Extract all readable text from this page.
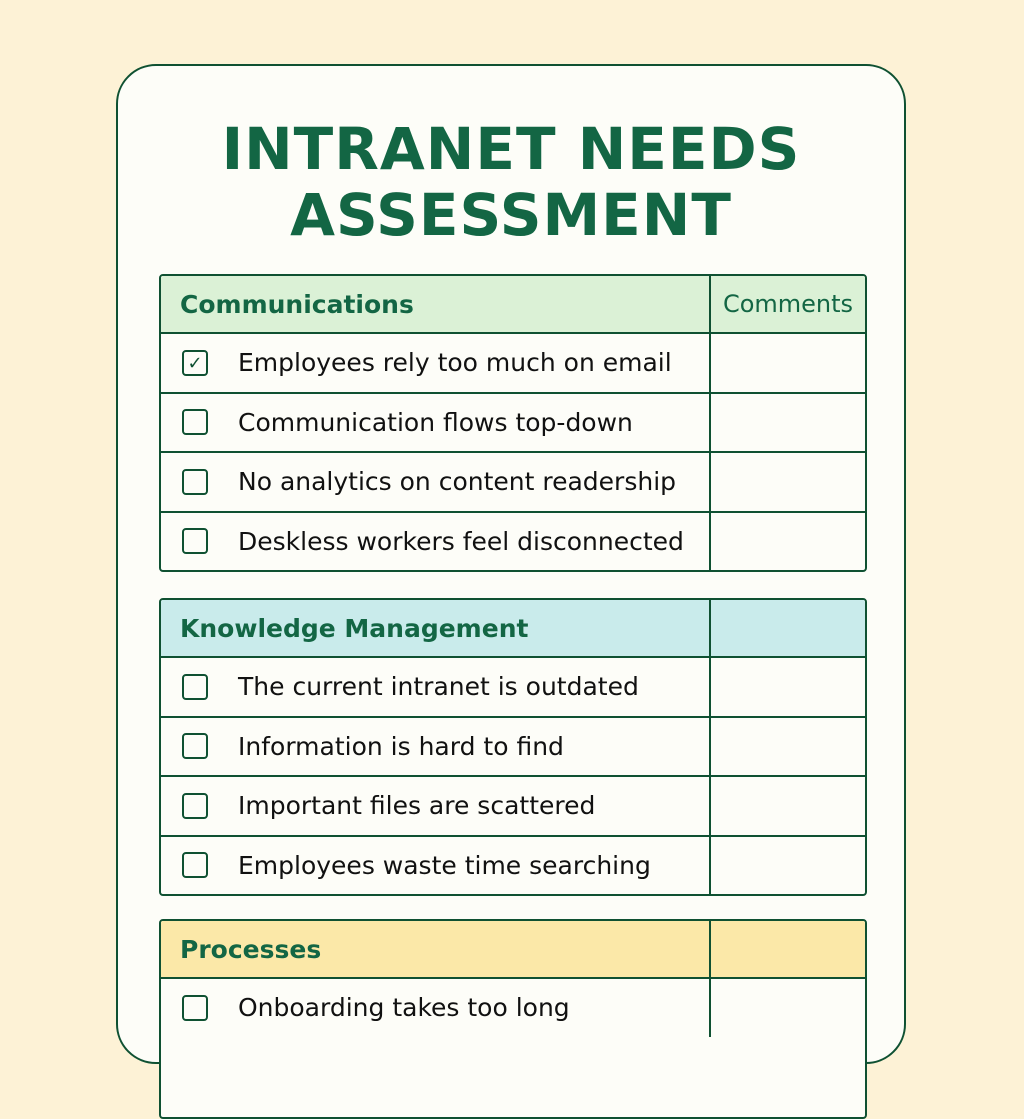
INTRANET NEEDS
ASSESSMENT
Communications	Comments
✓ Employees rely too much on email
Communication flows top-down
No analytics on content readership
Deskless workers feel disconnected
Knowledge Management
The current intranet is outdated
Information is hard to find
Important files are scattered
Employees waste time searching
Processes
Onboarding takes too long
